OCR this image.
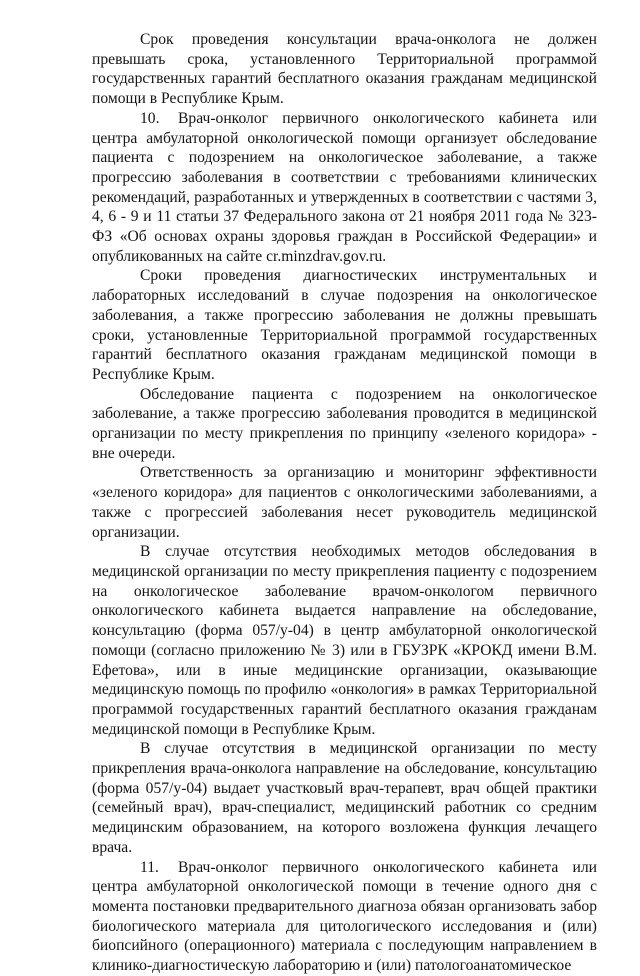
Срок проведения консультации врача-онколога не должен превышать срока, установленного Территориальной программой государственных гарантий бесплатного оказания гражданам медицинской помощи в Республике Крым.

10. Врач-онколог первичного онкологического кабинета или центра амбулаторной онкологической помощи организует обследование пациента с подозрением на онкологическое заболевание, а также прогрессию заболевания в соответствии с требованиями клинических рекомендаций, разработанных и утвержденных в соответствии с частями 3, 4, 6 - 9 и 11 статьи 37 Федерального закона от 21 ноября 2011 года № 323-ФЗ «Об основах охраны здоровья граждан в Российской Федерации» и опубликованных на сайте cr.minzdrav.gov.ru.

Сроки проведения диагностических инструментальных и лабораторных исследований в случае подозрения на онкологическое заболевания, а также прогрессию заболевания не должны превышать сроки, установленные Территориальной программой государственных гарантий бесплатного оказания гражданам медицинской помощи в Республике Крым.

Обследование пациента с подозрением на онкологическое заболевание, а также прогрессию заболевания проводится в медицинской организации по месту прикрепления по принципу «зеленого коридора» - вне очереди.

Ответственность за организацию и мониторинг эффективности «зеленого коридора» для пациентов с онкологическими заболеваниями, а также с прогрессией заболевания несет руководитель медицинской организации.

В случае отсутствия необходимых методов обследования в медицинской организации по месту прикрепления пациенту с подозрением на онкологическое заболевание врачом-онкологом первичного онкологического кабинета выдается направление на обследование, консультацию (форма 057/у-04) в центр амбулаторной онкологической помощи (согласно приложению № 3) или в ГБУЗРК «КРОКД имени В.М. Ефетова», или в иные медицинские организации, оказывающие медицинскую помощь по профилю «онкология» в рамках Территориальной программой государственных гарантий бесплатного оказания гражданам медицинской помощи в Республике Крым.

В случае отсутствия в медицинской организации по месту прикрепления врача-онколога направление на обследование, консультацию (форма 057/у-04) выдает участковый врач-терапевт, врач общей практики (семейный врач), врач-специалист, медицинский работник со средним медицинским образованием, на которого возложена функция лечащего врача.

11. Врач-онколог первичного онкологического кабинета или центра амбулаторной онкологической помощи в течение одного дня с момента постановки предварительного диагноза обязан организовать забор биологического материала для цитологического исследования и (или) биопсийного (операционного) материала с последующим направлением в клинико-диагностическую лабораторию и (или) патологоанатомическое
